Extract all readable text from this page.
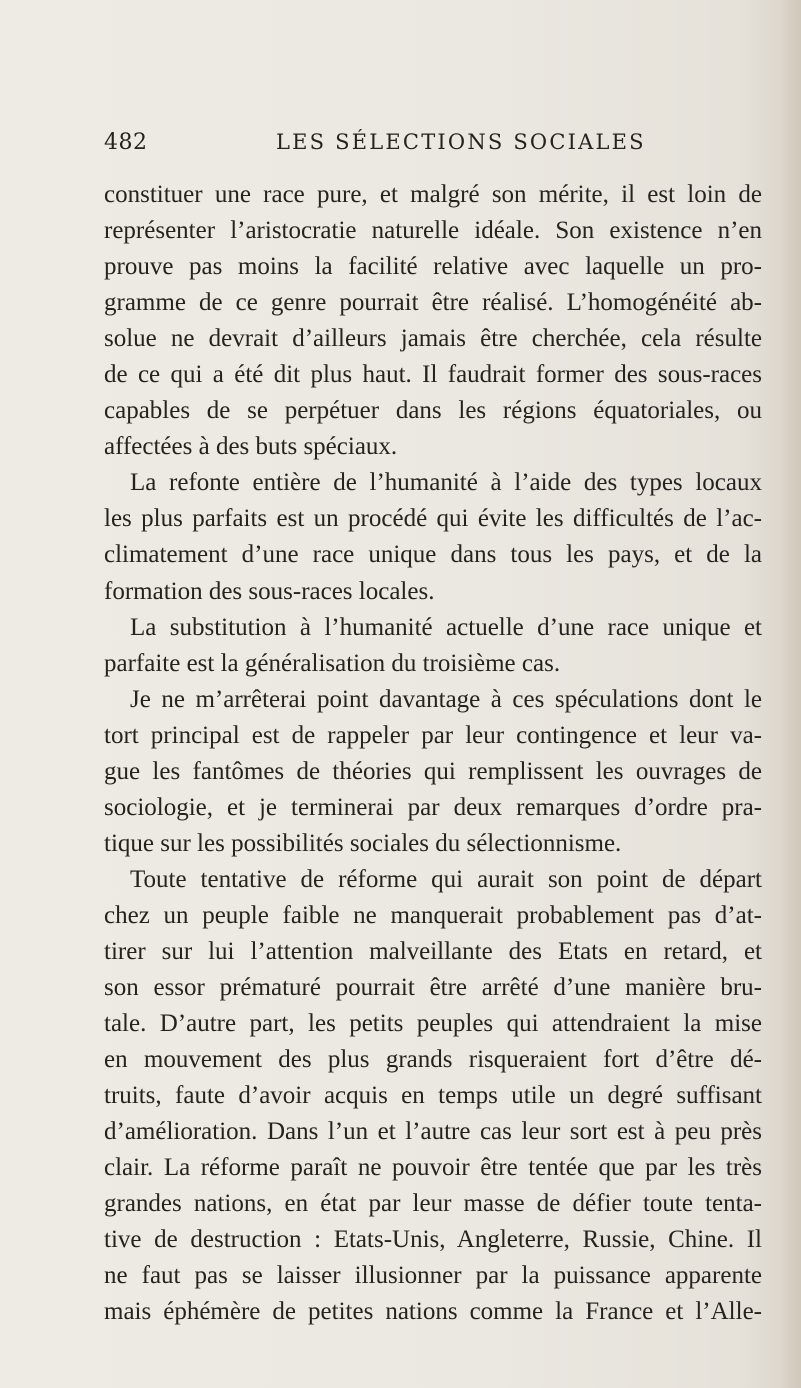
482	LES SÉLECTIONS SOCIALES

constituer une race pure, et malgré son mérite, il est loin de

représenter l’aristocratie naturelle idéale. Son existence n’en

prouve pas moins la facilité relative avec laquelle un pro-

gramme de ce genre pourrait être réalisé. L’homogénéité ab-

solue ne devrait d’ailleurs jamais être cherchée, cela résulte

de ce qui a été dit plus haut. Il faudrait former des sous-races

capables de se perpétuer dans les régions équatoriales, ou

affectées à des buts spéciaux.

La refonte entière de l’humanité à l’aide des types locaux

les plus parfaits est un procédé qui évite les difficultés de l’ac-

climatement d’une race unique dans tous les pays, et de la

formation des sous-races locales.

La substitution à l’humanité actuelle d’une race unique et

parfaite est la généralisation du troisième cas.

Je ne m’arrêterai point davantage à ces spéculations dont le

tort principal est de rappeler par leur contingence et leur va-

gue les fantômes de théories qui remplissent les ouvrages de

sociologie, et je terminerai par deux remarques d’ordre pra-

tique sur les possibilités sociales du sélectionnisme.

Toute tentative de réforme qui aurait son point de départ

chez un peuple faible ne manquerait probablement pas d’at-

tirer sur lui l’attention malveillante des Etats en retard, et

son essor prématuré pourrait être arrêté d’une manière bru-

tale. D’autre part, les petits peuples qui attendraient la mise

en mouvement des plus grands risqueraient fort d’être dé-

truits, faute d’avoir acquis en temps utile un degré suffisant

d’amélioration. Dans l’un et l’autre cas leur sort est à peu près

clair. La réforme paraît ne pouvoir être tentée que par les très

grandes nations, en état par leur masse de défier toute tenta-

tive de destruction : Etats-Unis, Angleterre, Russie, Chine. Il

ne faut pas se laisser illusionner par la puissance apparente

mais éphémère de petites nations comme la France et l’Alle-
